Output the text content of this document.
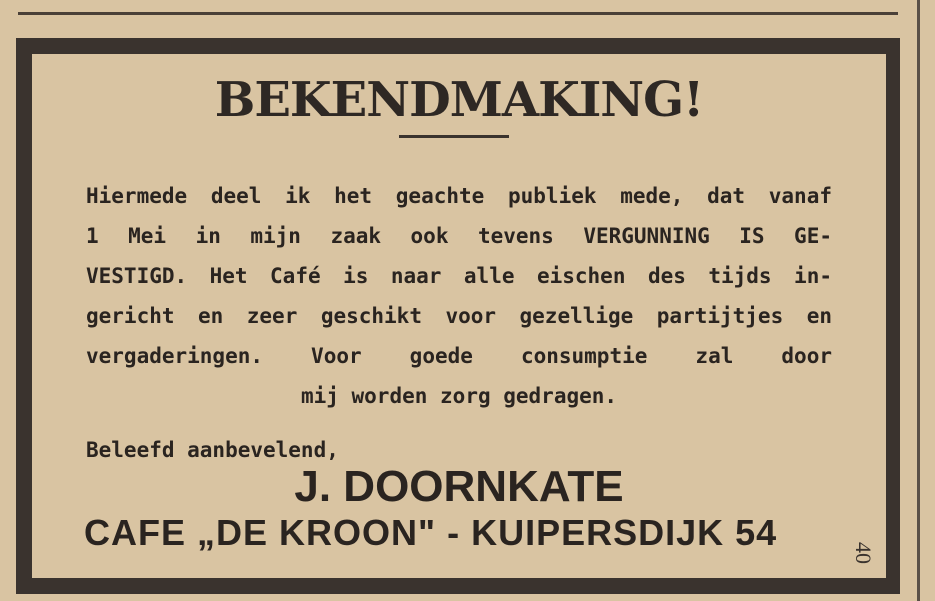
BEKENDMAKING!
Hiermede deel ik het geachte publiek mede, dat vanaf
1 Mei in mijn zaak ook tevens VERGUNNING IS GE-
VESTIGD. Het Café is naar alle eischen des tijds in-
gericht en zeer geschikt voor gezellige partijtjes en
vergaderingen. Voor goede consumptie zal door
mij worden zorg gedragen.
Beleefd aanbevelend,
J. DOORNKATE
CAFE „DE KROON" - KUIPERSDIJK 54	40
